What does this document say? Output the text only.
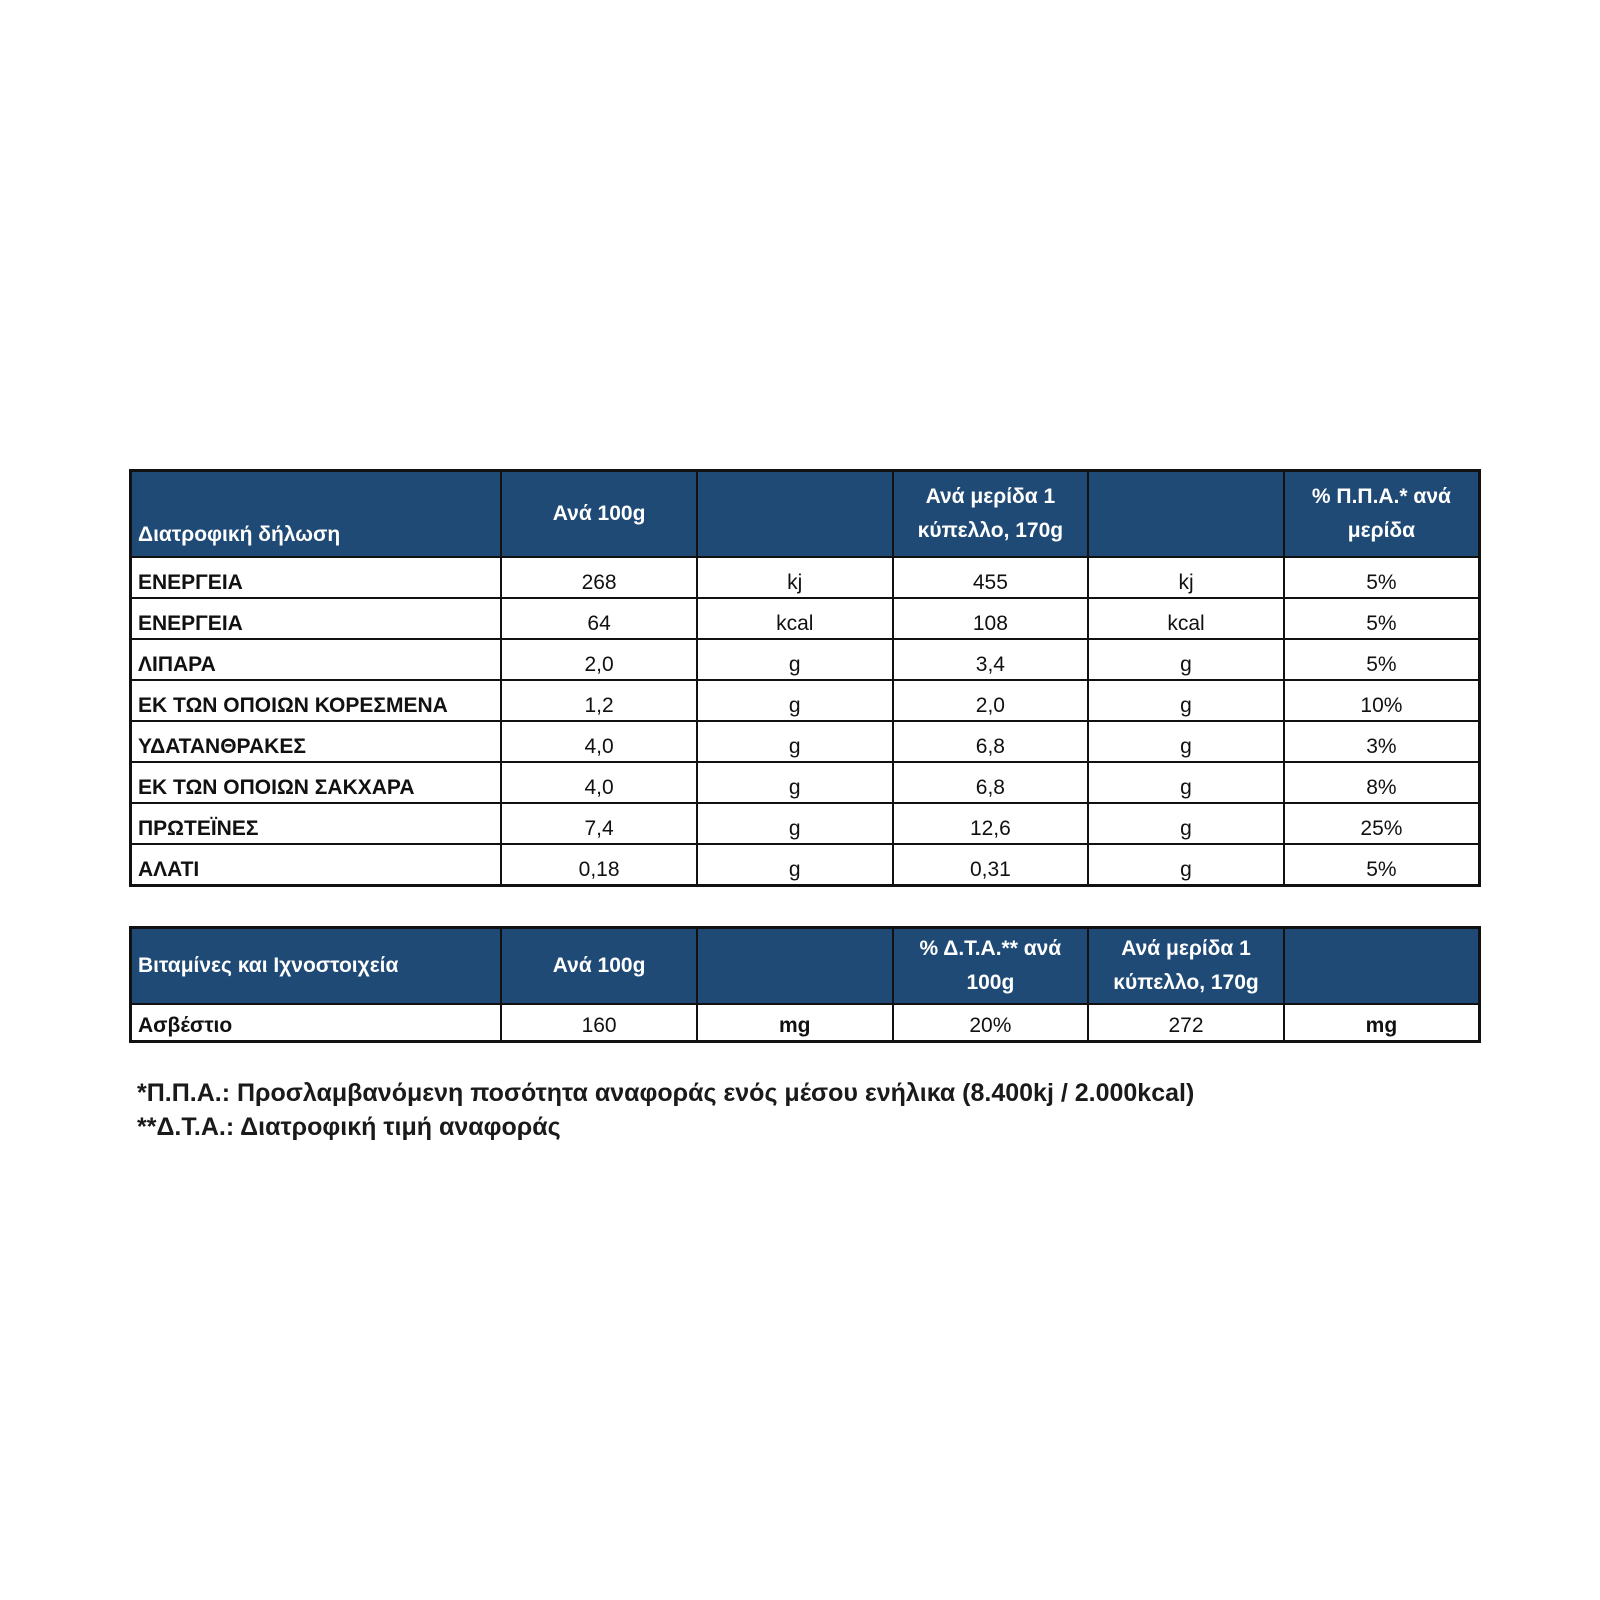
Διατροφική δήλωση	Ανά 100g		Ανά μερίδα 1 κύπελλο, 170g		% Π.Π.Α.* ανά μερίδα
ΕΝΕΡΓΕΙΑ	268	kj	455	kj	5%
ΕΝΕΡΓΕΙΑ	64	kcal	108	kcal	5%
ΛΙΠΑΡΑ	2,0	g	3,4	g	5%
ΕΚ ΤΩΝ ΟΠΟΙΩΝ ΚΟΡΕΣΜΕΝΑ	1,2	g	2,0	g	10%
ΥΔΑΤΑΝΘΡΑΚΕΣ	4,0	g	6,8	g	3%
ΕΚ ΤΩΝ ΟΠΟΙΩΝ ΣΑΚΧΑΡΑ	4,0	g	6,8	g	8%
ΠΡΩΤΕΪΝΕΣ	7,4	g	12,6	g	25%
ΑΛΑΤΙ	0,18	g	0,31	g	5%
Βιταμίνες και Ιχνοστοιχεία	Ανά 100g		% Δ.Τ.Α.** ανά 100g	Ανά μερίδα 1 κύπελλο, 170g	
Ασβέστιο	160	mg	20%	272	mg
*Π.Π.Α.: Προσλαμβανόμενη ποσότητα αναφοράς ενός μέσου ενήλικα (8.400kj / 2.000kcal)
**Δ.Τ.Α.: Διατροφική τιμή αναφοράς
